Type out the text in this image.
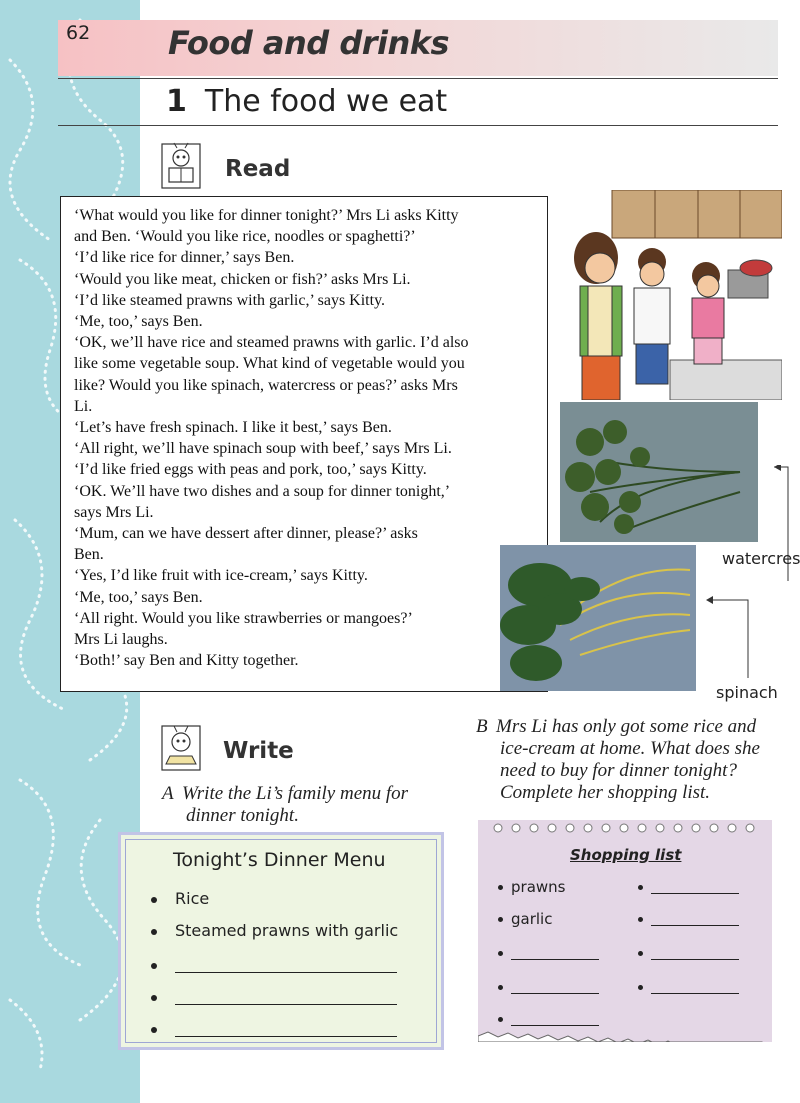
62 Food and drinks
1 The food we eat
Read

‘What would you like for dinner tonight?’ Mrs Li asks Kitty

and Ben. ‘Would you like rice, noodles or spaghetti?’

‘I’d like rice for dinner,’ says Ben.

‘Would you like meat, chicken or fish?’ asks Mrs Li.

‘I’d like steamed prawns with garlic,’ says Kitty.

‘Me, too,’ says Ben.

‘OK, we’ll have rice and steamed prawns with garlic. I’d also

like some vegetable soup. What kind of vegetable would you

like? Would you like spinach, watercress or peas?’ asks Mrs

Li.

‘Let’s have fresh spinach. I like it best,’ says Ben.

‘All right, we’ll have spinach soup with beef,’ says Mrs Li.

‘I’d like fried eggs with peas and pork, too,’ says Kitty.

‘OK. We’ll have two dishes and a soup for dinner tonight,’

says Mrs Li.

‘Mum, can we have dessert after dinner, please?’ asks

Ben.

‘Yes, I’d like fruit with ice-cream,’ says Kitty.

‘Me, too,’ says Ben.

‘All right. Would you like strawberries or mangoes?’

Mrs Li laughs.

‘Both!’ say Ben and Kitty together.

watercres
spinach
Write
A Write the Li’s family menu for
dinner tonight.
B Mrs Li has only got some rice and
ice-cream at home. What does she
need to buy for dinner tonight?
Complete her shopping list.
Tonight’s Dinner Menu
Rice
Steamed prawns with garlic
Shopping list
prawns
garlic
